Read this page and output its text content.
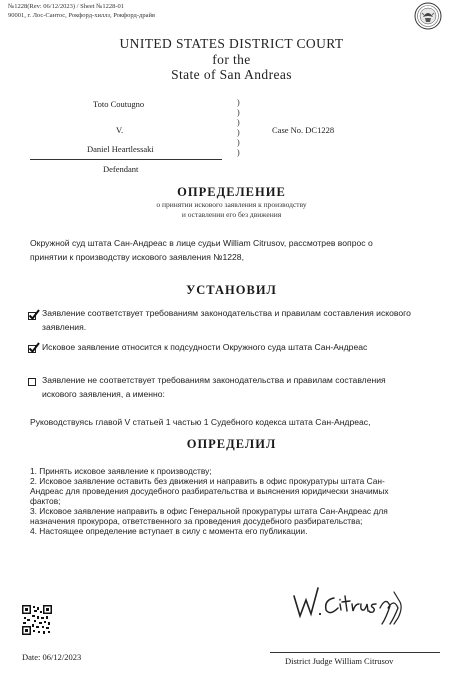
№1228(Rev: 06/12/2023) / Sheet №1228-01
90001, г. Лос-Сантос, Рокфорд-хиллз, Рокфорд-драйв
UNITED STATES DISTRICT COURT
for the
State of San Andreas
Toto Coutugno
V.
Daniel Heartlessaki
Defendant
)
)
)
)
)
)
Case No. DC1228
ОПРЕДЕЛЕНИЕ
о принятии искового заявления к производству
и оставлении его без движения
Окружной суд штата Сан-Андреас в лице судьи William Citrusov, рассмотрев вопрос о
принятии к производству искового заявления №1228,
УСТАНОВИЛ
Заявление соответствует требованиям законодательства и правилам составления искового
заявления.
Исковое заявление относится к подсудности Окружного суда штата Сан-Андреас
Заявление не соответствует требованиям законодательства и правилам составления
искового заявления, а именно:
Руководствуясь главой V статьей 1 частью 1 Судебного кодекса штата Сан-Андреас,
ОПРЕДЕЛИЛ
1. Принять исковое заявление к производству;
2. Исковое заявление оставить без движения и направить в офис прокуратуры штата Сан-
Андреас для проведения досудебного разбирательства и выяснения юридически значимых
фактов;
3. Исковое заявление направить в офис Генеральной прокуратуры штата Сан-Андреас для
назначения прокурора, ответственного за проведения досудебного разбирательства;
4. Настоящее определение вступает в силу с момента его публикации.
Date: 06/12/2023	District Judge William Citrusov
